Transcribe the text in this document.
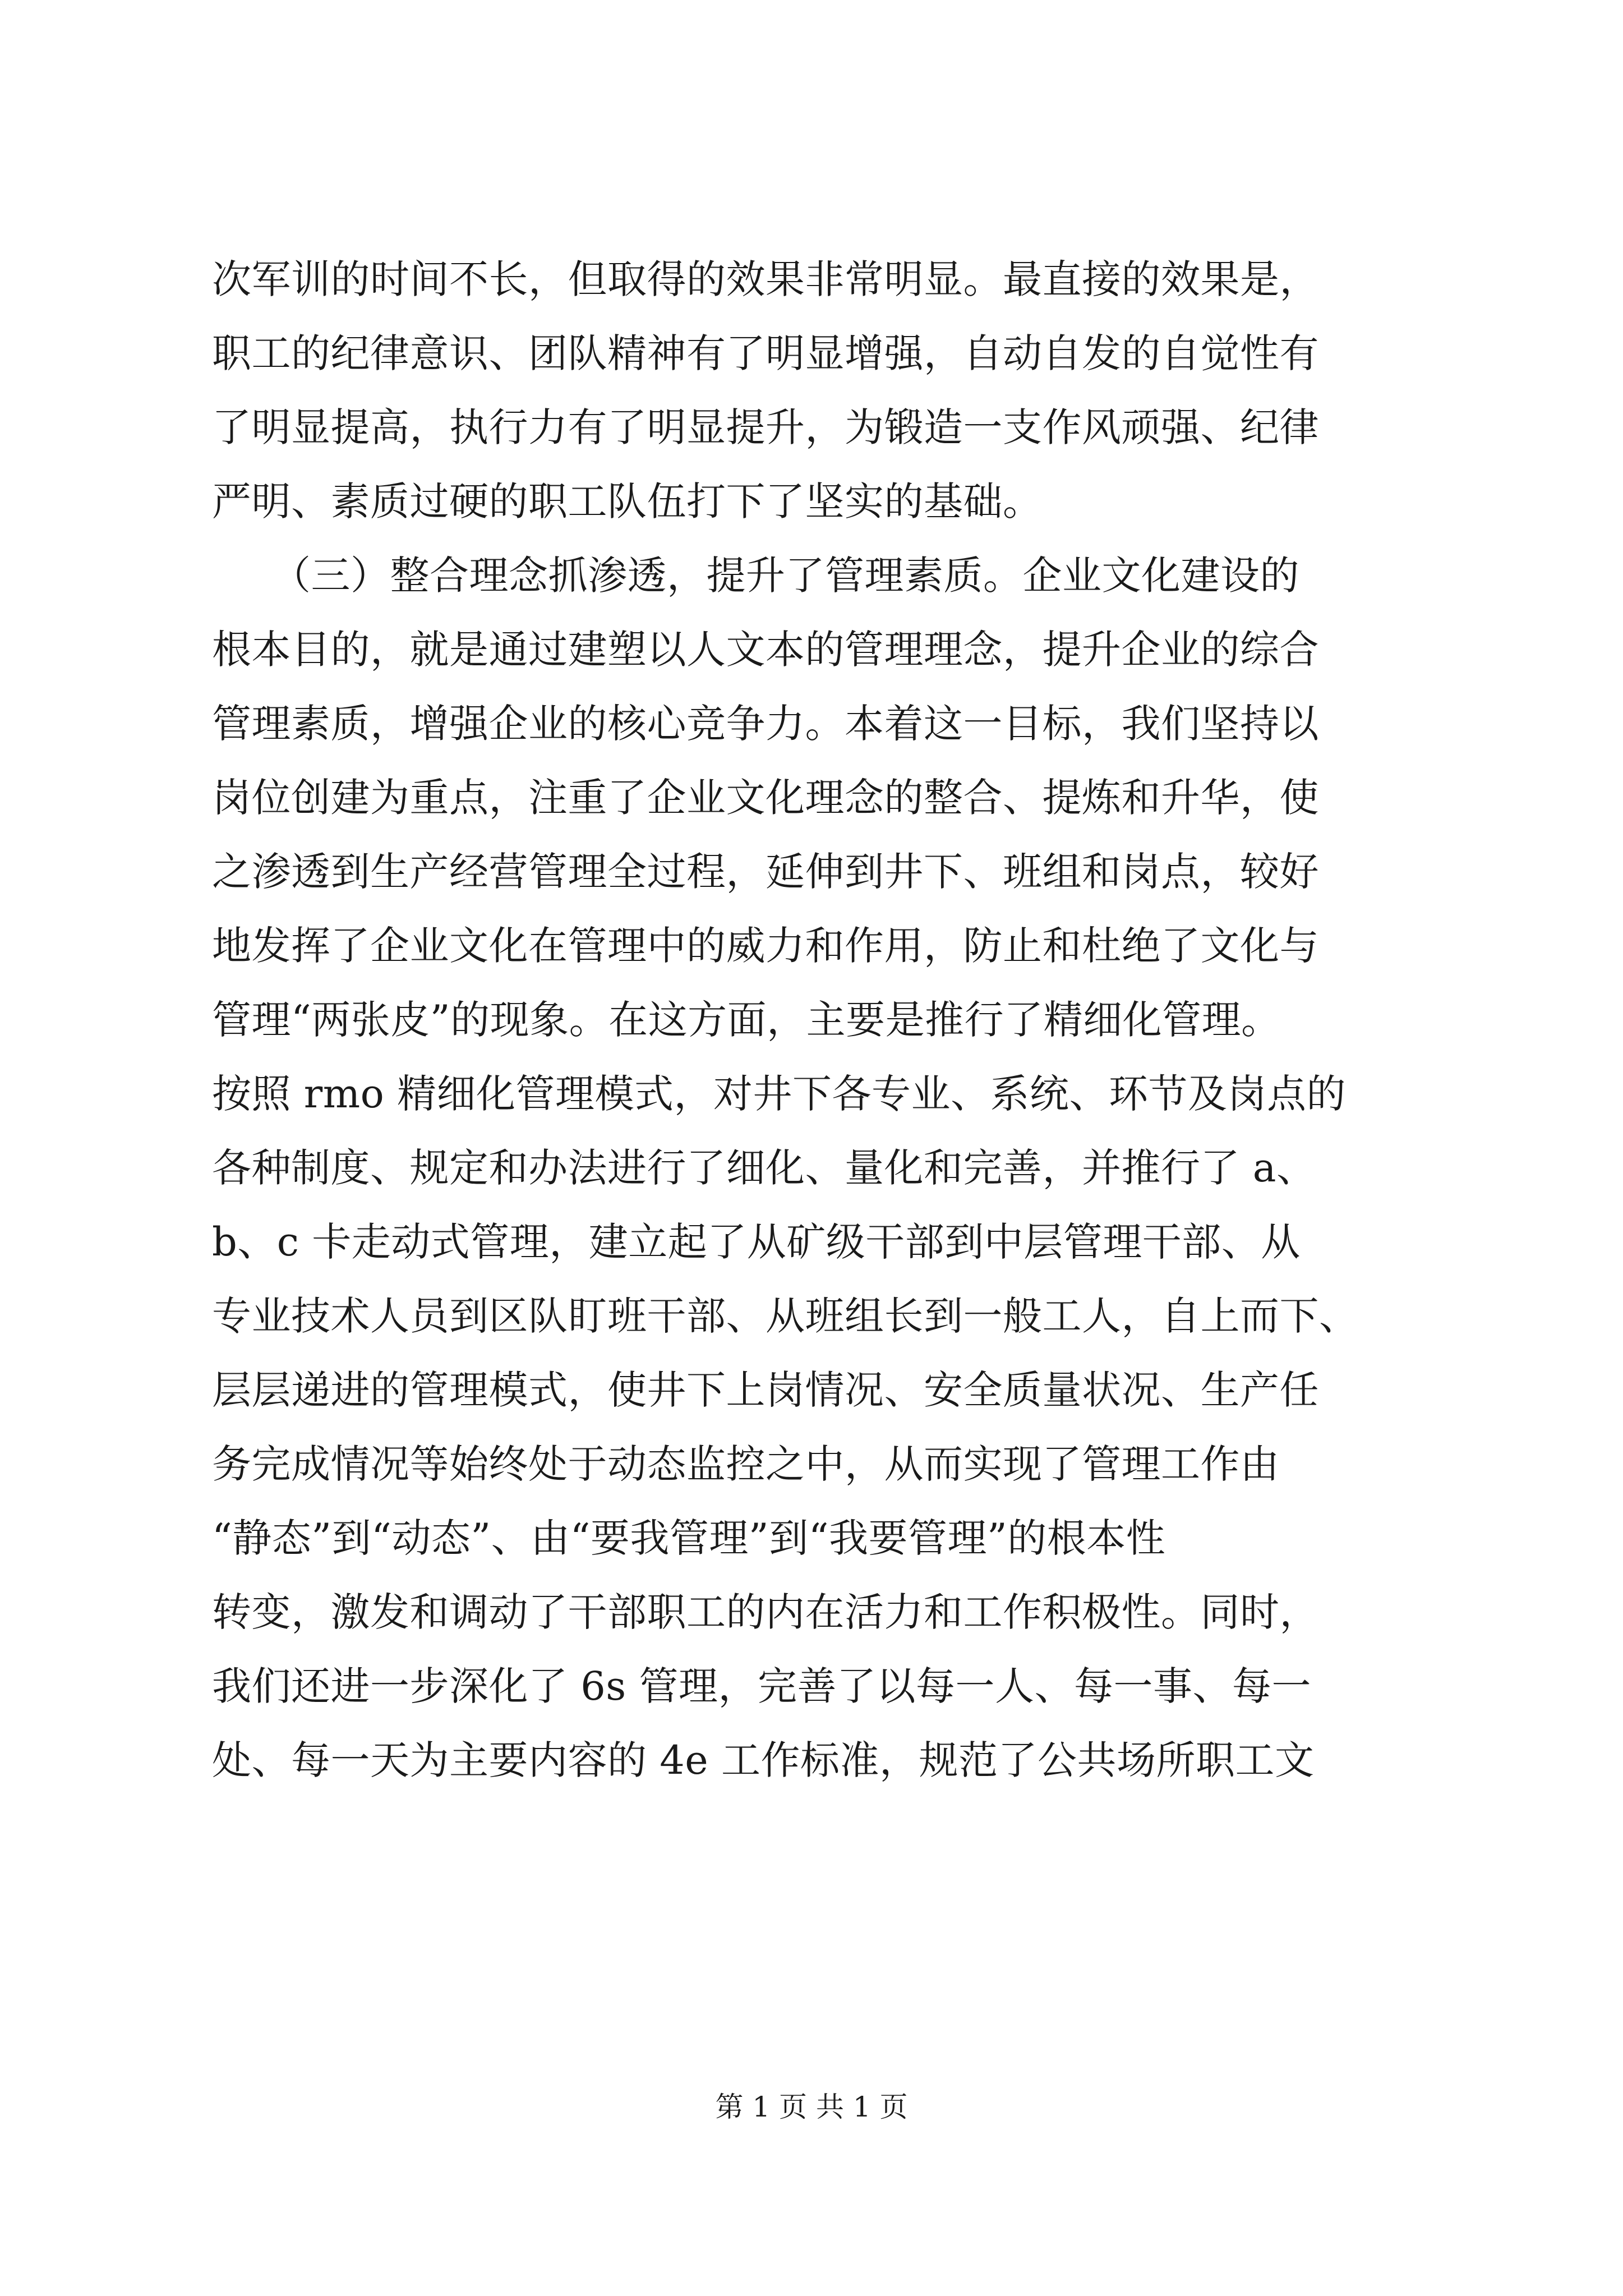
次军训的时间不长，但取得的效果非常明显。最直接的效果是，
职工的纪律意识、团队精神有了明显增强，自动自发的自觉性有
了明显提高，执行力有了明显提升，为锻造一支作风顽强、纪律
严明、素质过硬的职工队伍打下了坚实的基础。
　　（三）整合理念抓渗透，提升了管理素质。企业文化建设的
根本目的，就是通过建塑以人文本的管理理念，提升企业的综合
管理素质，增强企业的核心竞争力。本着这一目标，我们坚持以
岗位创建为重点，注重了企业文化理念的整合、提炼和升华，使
之渗透到生产经营管理全过程，延伸到井下、班组和岗点，较好
地发挥了企业文化在管理中的威力和作用，防止和杜绝了文化与
管理“两张皮”的现象。在这方面，主要是推行了精细化管理。
按照 rmo 精细化管理模式，对井下各专业、系统、环节及岗点的
各种制度、规定和办法进行了细化、量化和完善，并推行了 a、
b、c 卡走动式管理，建立起了从矿级干部到中层管理干部、从
专业技术人员到区队盯班干部、从班组长到一般工人，自上而下、
层层递进的管理模式，使井下上岗情况、安全质量状况、生产任
务完成情况等始终处于动态监控之中，从而实现了管理工作由
“静态”到“动态”、由“要我管理”到“我要管理”的根本性
转变，激发和调动了干部职工的内在活力和工作积极性。同时，
我们还进一步深化了 6s 管理，完善了以每一人、每一事、每一
处、每一天为主要内容的 4e 工作标准，规范了公共场所职工文
第 1 页 共 1 页
